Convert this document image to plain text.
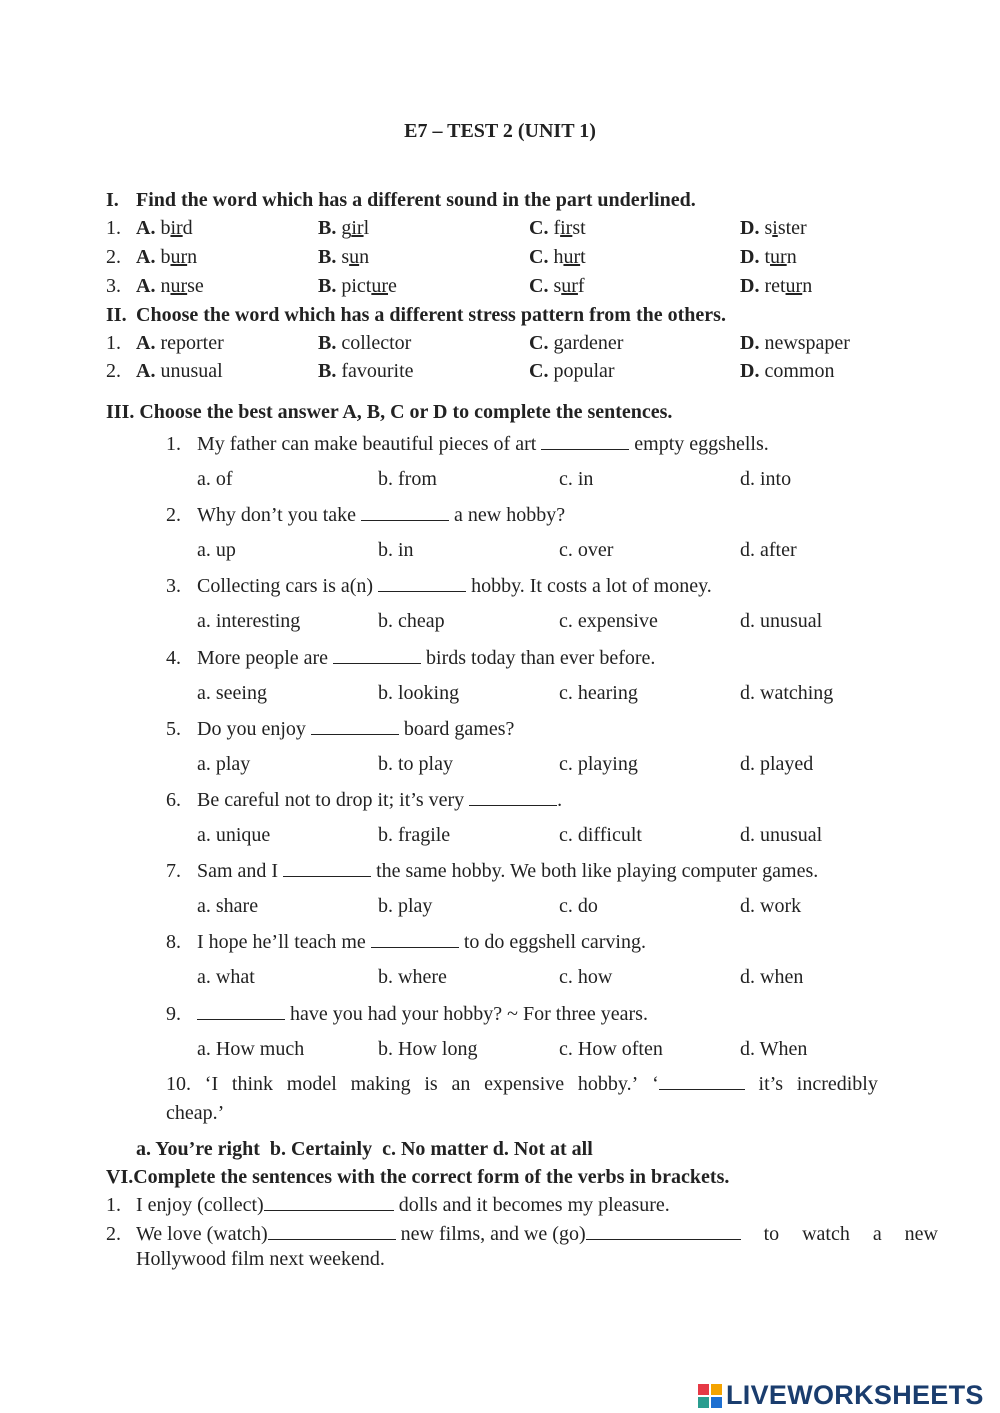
E7 – TEST 2 (UNIT 1)
I. Find the word which has a different sound in the part underlined.
1. A. bird	B. girl	C. first	D. sister
2. A. burn	B. sun	C. hurt	D. turn
3. A. nurse	B. picture	C. surf	D. return
II. Choose the word which has a different stress pattern from the others.
1. A. reporter	B. collector	C. gardener	D. newspaper
2. A. unusual	B. favourite	C. popular	D. common
III. Choose the best answer A, B, C or D to complete the sentences.
1. My father can make beautiful pieces of art	empty eggshells.
a. of	b. from	c. in	d. into
2. Why don’t you take	a new hobby?
a. up	b. in	c. over	d. after
3. Collecting cars is a(n)	hobby. It costs a lot of money.
a. interesting	b. cheap	c. expensive	d. unusual
4. More people are	birds today than ever before.
a. seeing	b. looking	c. hearing	d. watching
5. Do you enjoy	board games?
a. play	b. to play	c. playing	d. played
6. Be careful not to drop it; it’s very	.
a. unique	b. fragile	c. difficult	d. unusual
7. Sam and I	the same hobby. We both like playing computer games.
a. share	b. play	c. do	d. work
8. I hope he’ll teach me	to do eggshell carving.
a. what	b. where	c. how	d. when
9.	have you had your hobby? ~ For three years.
a. How much	b. How long	c. How often	d. When
10. ‘I think model making is an expensive hobby.’ ‘	it’s incredibly
cheap.’
a. You’re right  b. Certainly  c. No matter d. Not at all
VI.Complete the sentences with the correct form of the verbs in brackets.
1. I enjoy (collect)	dolls and it becomes my pleasure.
2. We love (watch)	new films, and we (go)	to watch a new
Hollywood film next weekend.
LIVEWORKSHEETS
